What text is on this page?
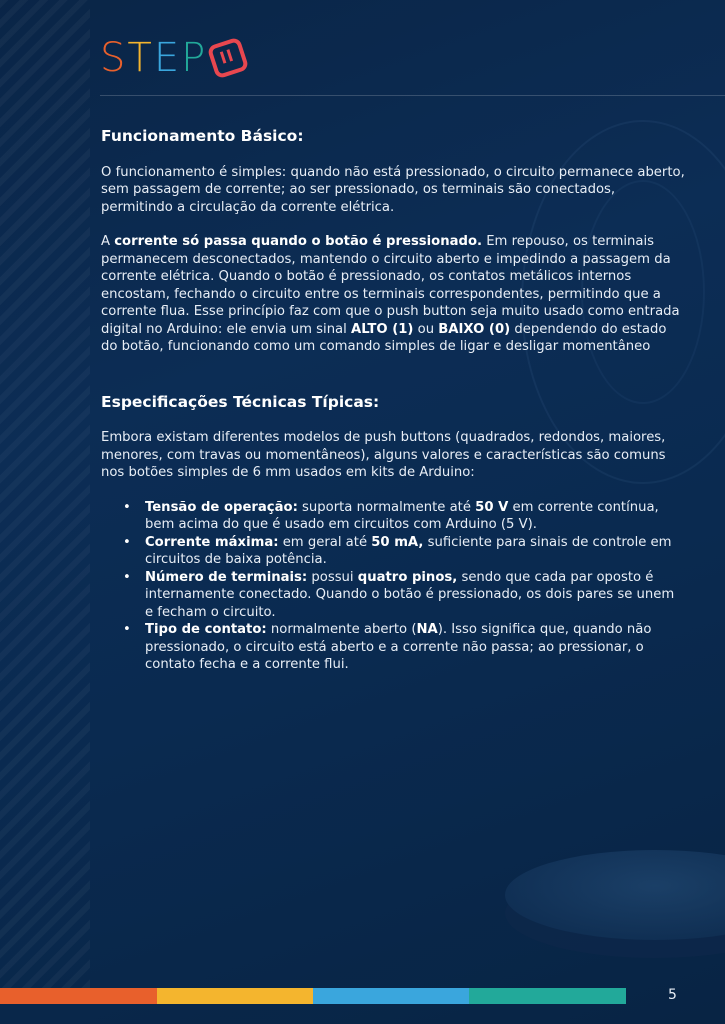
STEP
Funcionamento Básico:

O funcionamento é simples: quando não está pressionado, o circuito permanece aberto, sem passagem de corrente; ao ser pressionado, os terminais são conectados, permitindo a circulação da corrente elétrica.

A corrente só passa quando o botão é pressionado. Em repouso, os terminais permanecem desconectados, mantendo o circuito aberto e impedindo a passagem da corrente elétrica. Quando o botão é pressionado, os contatos metálicos internos encostam, fechando o circuito entre os terminais correspondentes, permitindo que a corrente flua. Esse princípio faz com que o push button seja muito usado como entrada digital no Arduino: ele envia um sinal ALTO (1) ou BAIXO (0) dependendo do estado do botão, funcionando como um comando simples de ligar e desligar momentâneo

Especificações Técnicas Típicas:

Embora existam diferentes modelos de push buttons (quadrados, redondos, maiores, menores, com travas ou momentâneos), alguns valores e características são comuns nos botões simples de 6 mm usados em kits de Arduino:

• Tensão de operação: suporta normalmente até 50 V em corrente contínua, bem acima do que é usado em circuitos com Arduino (5 V).
• Corrente máxima: em geral até 50 mA, suficiente para sinais de controle em circuitos de baixa potência.
• Número de terminais: possui quatro pinos, sendo que cada par oposto é internamente conectado. Quando o botão é pressionado, os dois pares se unem e fecham o circuito.
• Tipo de contato: normalmente aberto (NA). Isso significa que, quando não pressionado, o circuito está aberto e a corrente não passa; ao pressionar, o contato fecha e a corrente flui.
5
